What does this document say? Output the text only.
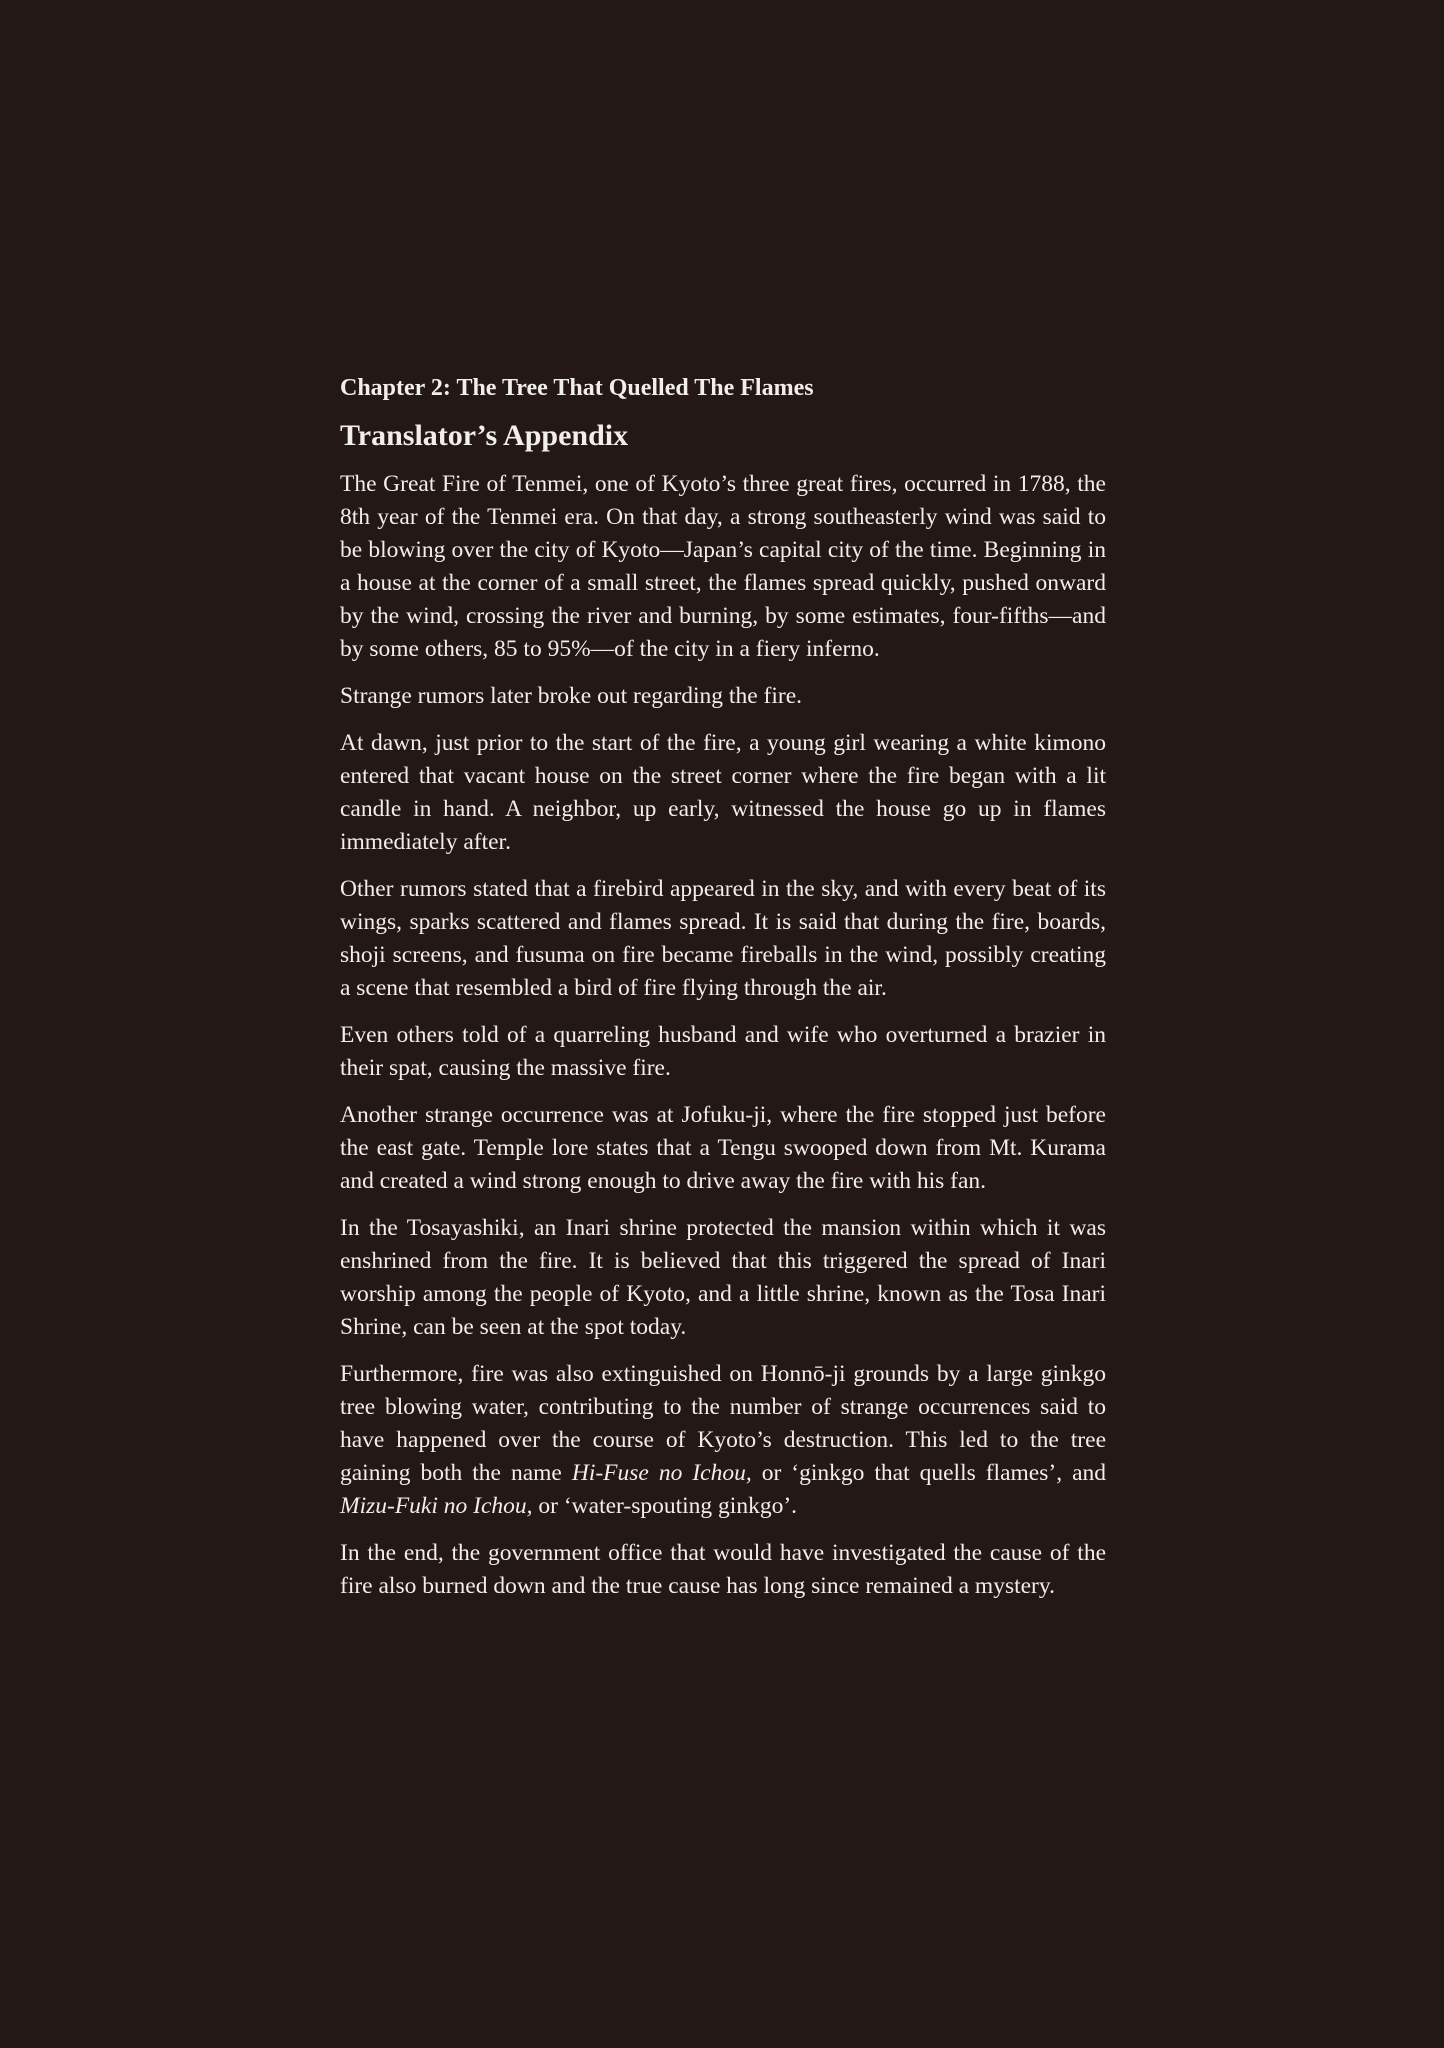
Chapter 2: The Tree That Quelled The Flames
Translator’s Appendix

The Great Fire of Tenmei, one of Kyoto’s three great fires, occurred in 1788, the 8th year of the Tenmei era. On that day, a strong southeasterly wind was said to be blowing over the city of Kyoto—Japan’s capital city of the time. Beginning in a house at the corner of a small street, the flames spread quickly, pushed onward by the wind, crossing the river and burning, by some estimates, four-fifths—and by some others, 85 to 95%—of the city in a fiery inferno.

Strange rumors later broke out regarding the fire.

At dawn, just prior to the start of the fire, a young girl wearing a white kimono entered that vacant house on the street corner where the fire began with a lit candle in hand. A neighbor, up early, witnessed the house go up in flames immediately after.

Other rumors stated that a firebird appeared in the sky, and with every beat of its wings, sparks scattered and flames spread. It is said that during the fire, boards, shoji screens, and fusuma on fire became fireballs in the wind, possibly creating a scene that resembled a bird of fire flying through the air.

Even others told of a quarreling husband and wife who overturned a brazier in their spat, causing the massive fire.

Another strange occurrence was at Jofuku-ji, where the fire stopped just before the east gate. Temple lore states that a Tengu swooped down from Mt. Kurama and created a wind strong enough to drive away the fire with his fan.

In the Tosayashiki, an Inari shrine protected the mansion within which it was enshrined from the fire. It is believed that this triggered the spread of Inari worship among the people of Kyoto, and a little shrine, known as the Tosa Inari Shrine, can be seen at the spot today.

Furthermore, fire was also extinguished on Honnō-ji grounds by a large ginkgo tree blowing water, contributing to the number of strange occurrences said to have happened over the course of Kyoto’s destruction. This led to the tree gaining both the name Hi-Fuse no Ichou, or ‘ginkgo that quells flames’, and Mizu-Fuki no Ichou, or ‘water-spouting ginkgo’.

In the end, the government office that would have investigated the cause of the fire also burned down and the true cause has long since remained a mystery.
